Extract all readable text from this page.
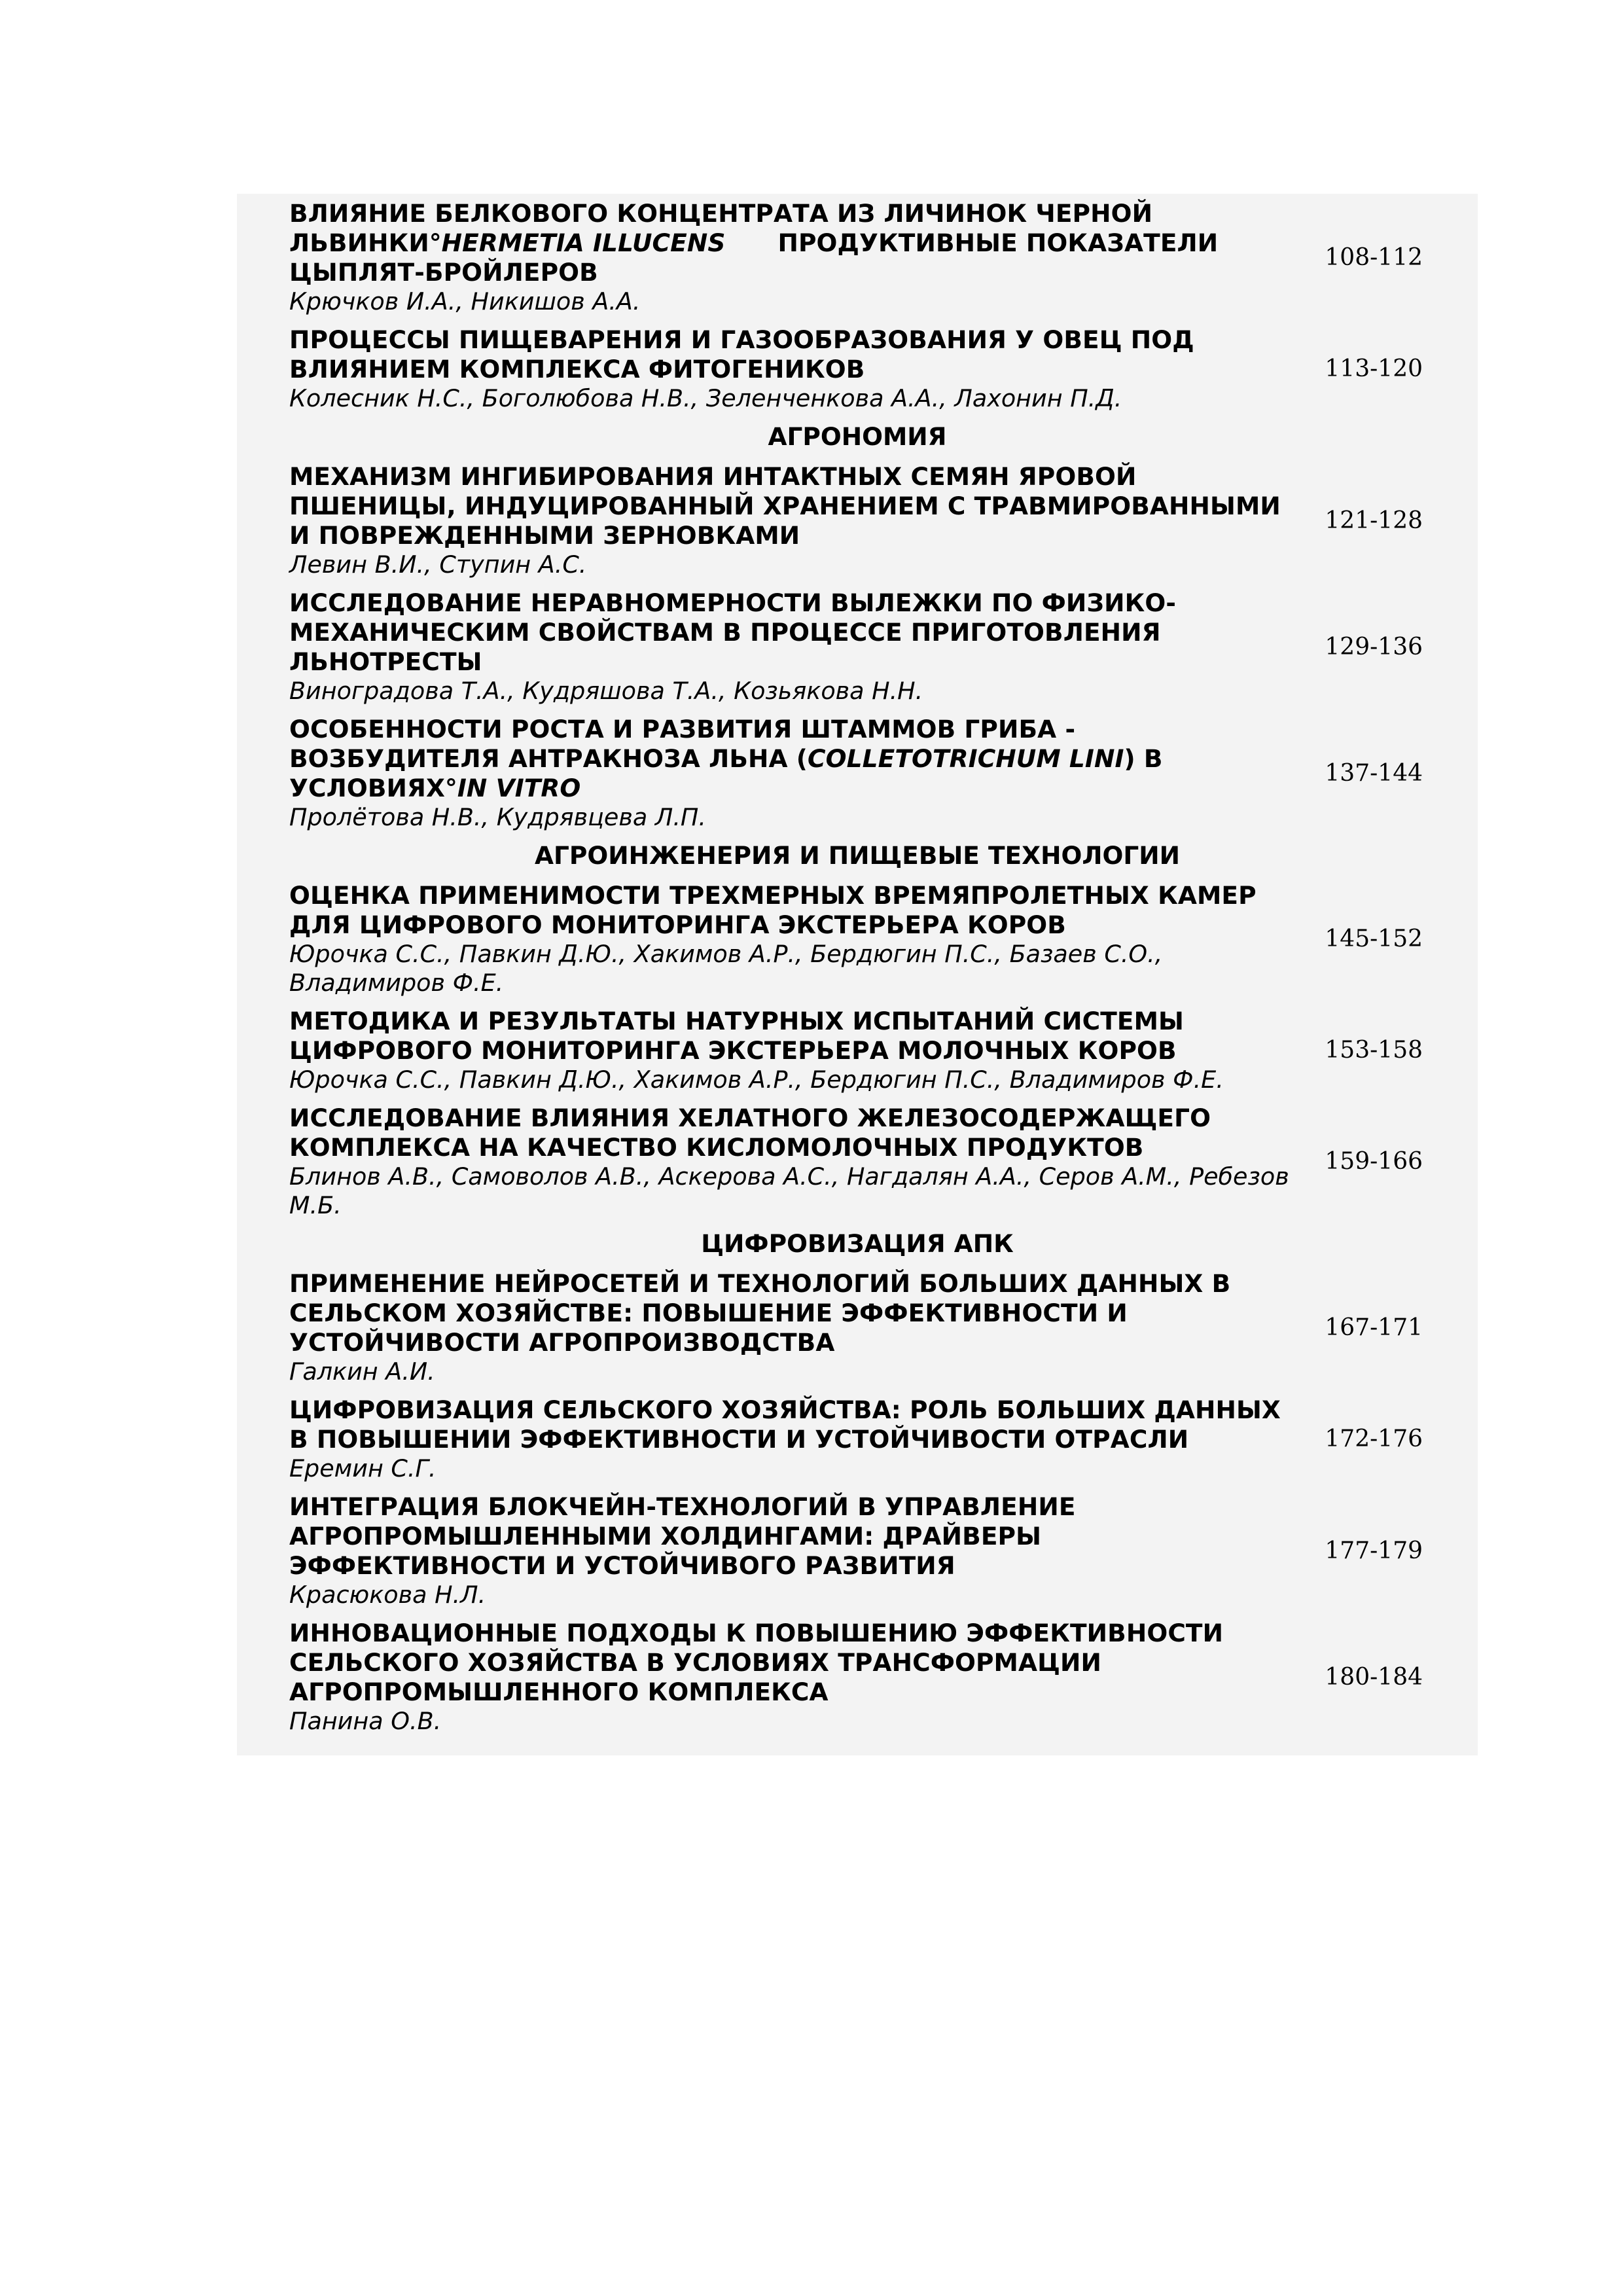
ВЛИЯНИЕ БЕЛКОВОГО КОНЦЕНТРАТА ИЗ ЛИЧИНОК ЧЕРНОЙ ЛЬВИНКИ°HERMETIA ILLUCENS ПРОДУКТИВНЫЕ ПОКАЗАТЕЛИ ЦЫПЛЯТ-БРОЙЛЕРОВ

Крючков И.А., Никишов А.А.

108-112

ПРОЦЕССЫ ПИЩЕВАРЕНИЯ И ГАЗООБРАЗОВАНИЯ У ОВЕЦ ПОД ВЛИЯНИЕМ КОМПЛЕКСА ФИТОГЕНИКОВ

Колесник Н.С., Боголюбова Н.В., Зеленченкова А.А., Лахонин П.Д.

113-120
АГРОНОМИЯ

МЕХАНИЗМ ИНГИБИРОВАНИЯ ИНТАКТНЫХ СЕМЯН ЯРОВОЙ ПШЕНИЦЫ, ИНДУЦИРОВАННЫЙ ХРАНЕНИЕМ С ТРАВМИРОВАННЫМИ И ПОВРЕЖДЕННЫМИ ЗЕРНОВКАМИ

Левин В.И., Ступин А.С.

121-128

ИССЛЕДОВАНИЕ НЕРАВНОМЕРНОСТИ ВЫЛЕЖКИ ПО ФИЗИКО-МЕХАНИЧЕСКИМ СВОЙСТВАМ В ПРОЦЕССЕ ПРИГОТОВЛЕНИЯ ЛЬНОТРЕСТЫ

Виноградова Т.А., Кудряшова Т.А., Козьякова Н.Н.

129-136

ОСОБЕННОСТИ РОСТА И РАЗВИТИЯ ШТАММОВ ГРИБА - ВОЗБУДИТЕЛЯ АНТРАКНОЗА ЛЬНА (COLLETOTRICHUM LINI) В УСЛОВИЯХ°IN VITRO

Пролётова Н.В., Кудрявцева Л.П.

137-144
АГРОИНЖЕНЕРИЯ И ПИЩЕВЫЕ ТЕХНОЛОГИИ

ОЦЕНКА ПРИМЕНИМОСТИ ТРЕХМЕРНЫХ ВРЕМЯПРОЛЕТНЫХ КАМЕР ДЛЯ ЦИФРОВОГО МОНИТОРИНГА ЭКСТЕРЬЕРА КОРОВ

Юрочка С.С., Павкин Д.Ю., Хакимов А.Р., Бердюгин П.С., Базаев С.О., Владимиров Ф.Е.

145-152

МЕТОДИКА И РЕЗУЛЬТАТЫ НАТУРНЫХ ИСПЫТАНИЙ СИСТЕМЫ ЦИФРОВОГО МОНИТОРИНГА ЭКСТЕРЬЕРА МОЛОЧНЫХ КОРОВ

Юрочка С.С., Павкин Д.Ю., Хакимов А.Р., Бердюгин П.С., Владимиров Ф.Е.

153-158

ИССЛЕДОВАНИЕ ВЛИЯНИЯ ХЕЛАТНОГО ЖЕЛЕЗОСОДЕРЖАЩЕГО КОМПЛЕКСА НА КАЧЕСТВО КИСЛОМОЛОЧНЫХ ПРОДУКТОВ

Блинов А.В., Самоволов А.В., Аскерова А.С., Нагдалян А.А., Серов А.М., Ребезов М.Б.

159-166
ЦИФРОВИЗАЦИЯ АПК

ПРИМЕНЕНИЕ НЕЙРОСЕТЕЙ И ТЕХНОЛОГИЙ БОЛЬШИХ ДАННЫХ В СЕЛЬСКОМ ХОЗЯЙСТВЕ: ПОВЫШЕНИЕ ЭФФЕКТИВНОСТИ И УСТОЙЧИВОСТИ АГРОПРОИЗВОДСТВА

Галкин А.И.

167-171

ЦИФРОВИЗАЦИЯ СЕЛЬСКОГО ХОЗЯЙСТВА: РОЛЬ БОЛЬШИХ ДАННЫХ В ПОВЫШЕНИИ ЭФФЕКТИВНОСТИ И УСТОЙЧИВОСТИ ОТРАСЛИ

Еремин С.Г.

172-176

ИНТЕГРАЦИЯ БЛОКЧЕЙН-ТЕХНОЛОГИЙ В УПРАВЛЕНИЕ АГРОПРОМЫШЛЕННЫМИ ХОЛДИНГАМИ: ДРАЙВЕРЫ ЭФФЕКТИВНОСТИ И УСТОЙЧИВОГО РАЗВИТИЯ

Красюкова Н.Л.

177-179

ИННОВАЦИОННЫЕ ПОДХОДЫ К ПОВЫШЕНИЮ ЭФФЕКТИВНОСТИ СЕЛЬСКОГО ХОЗЯЙСТВА В УСЛОВИЯХ ТРАНСФОРМАЦИИ АГРОПРОМЫШЛЕННОГО КОМПЛЕКСА

Панина О.В.

180-184
